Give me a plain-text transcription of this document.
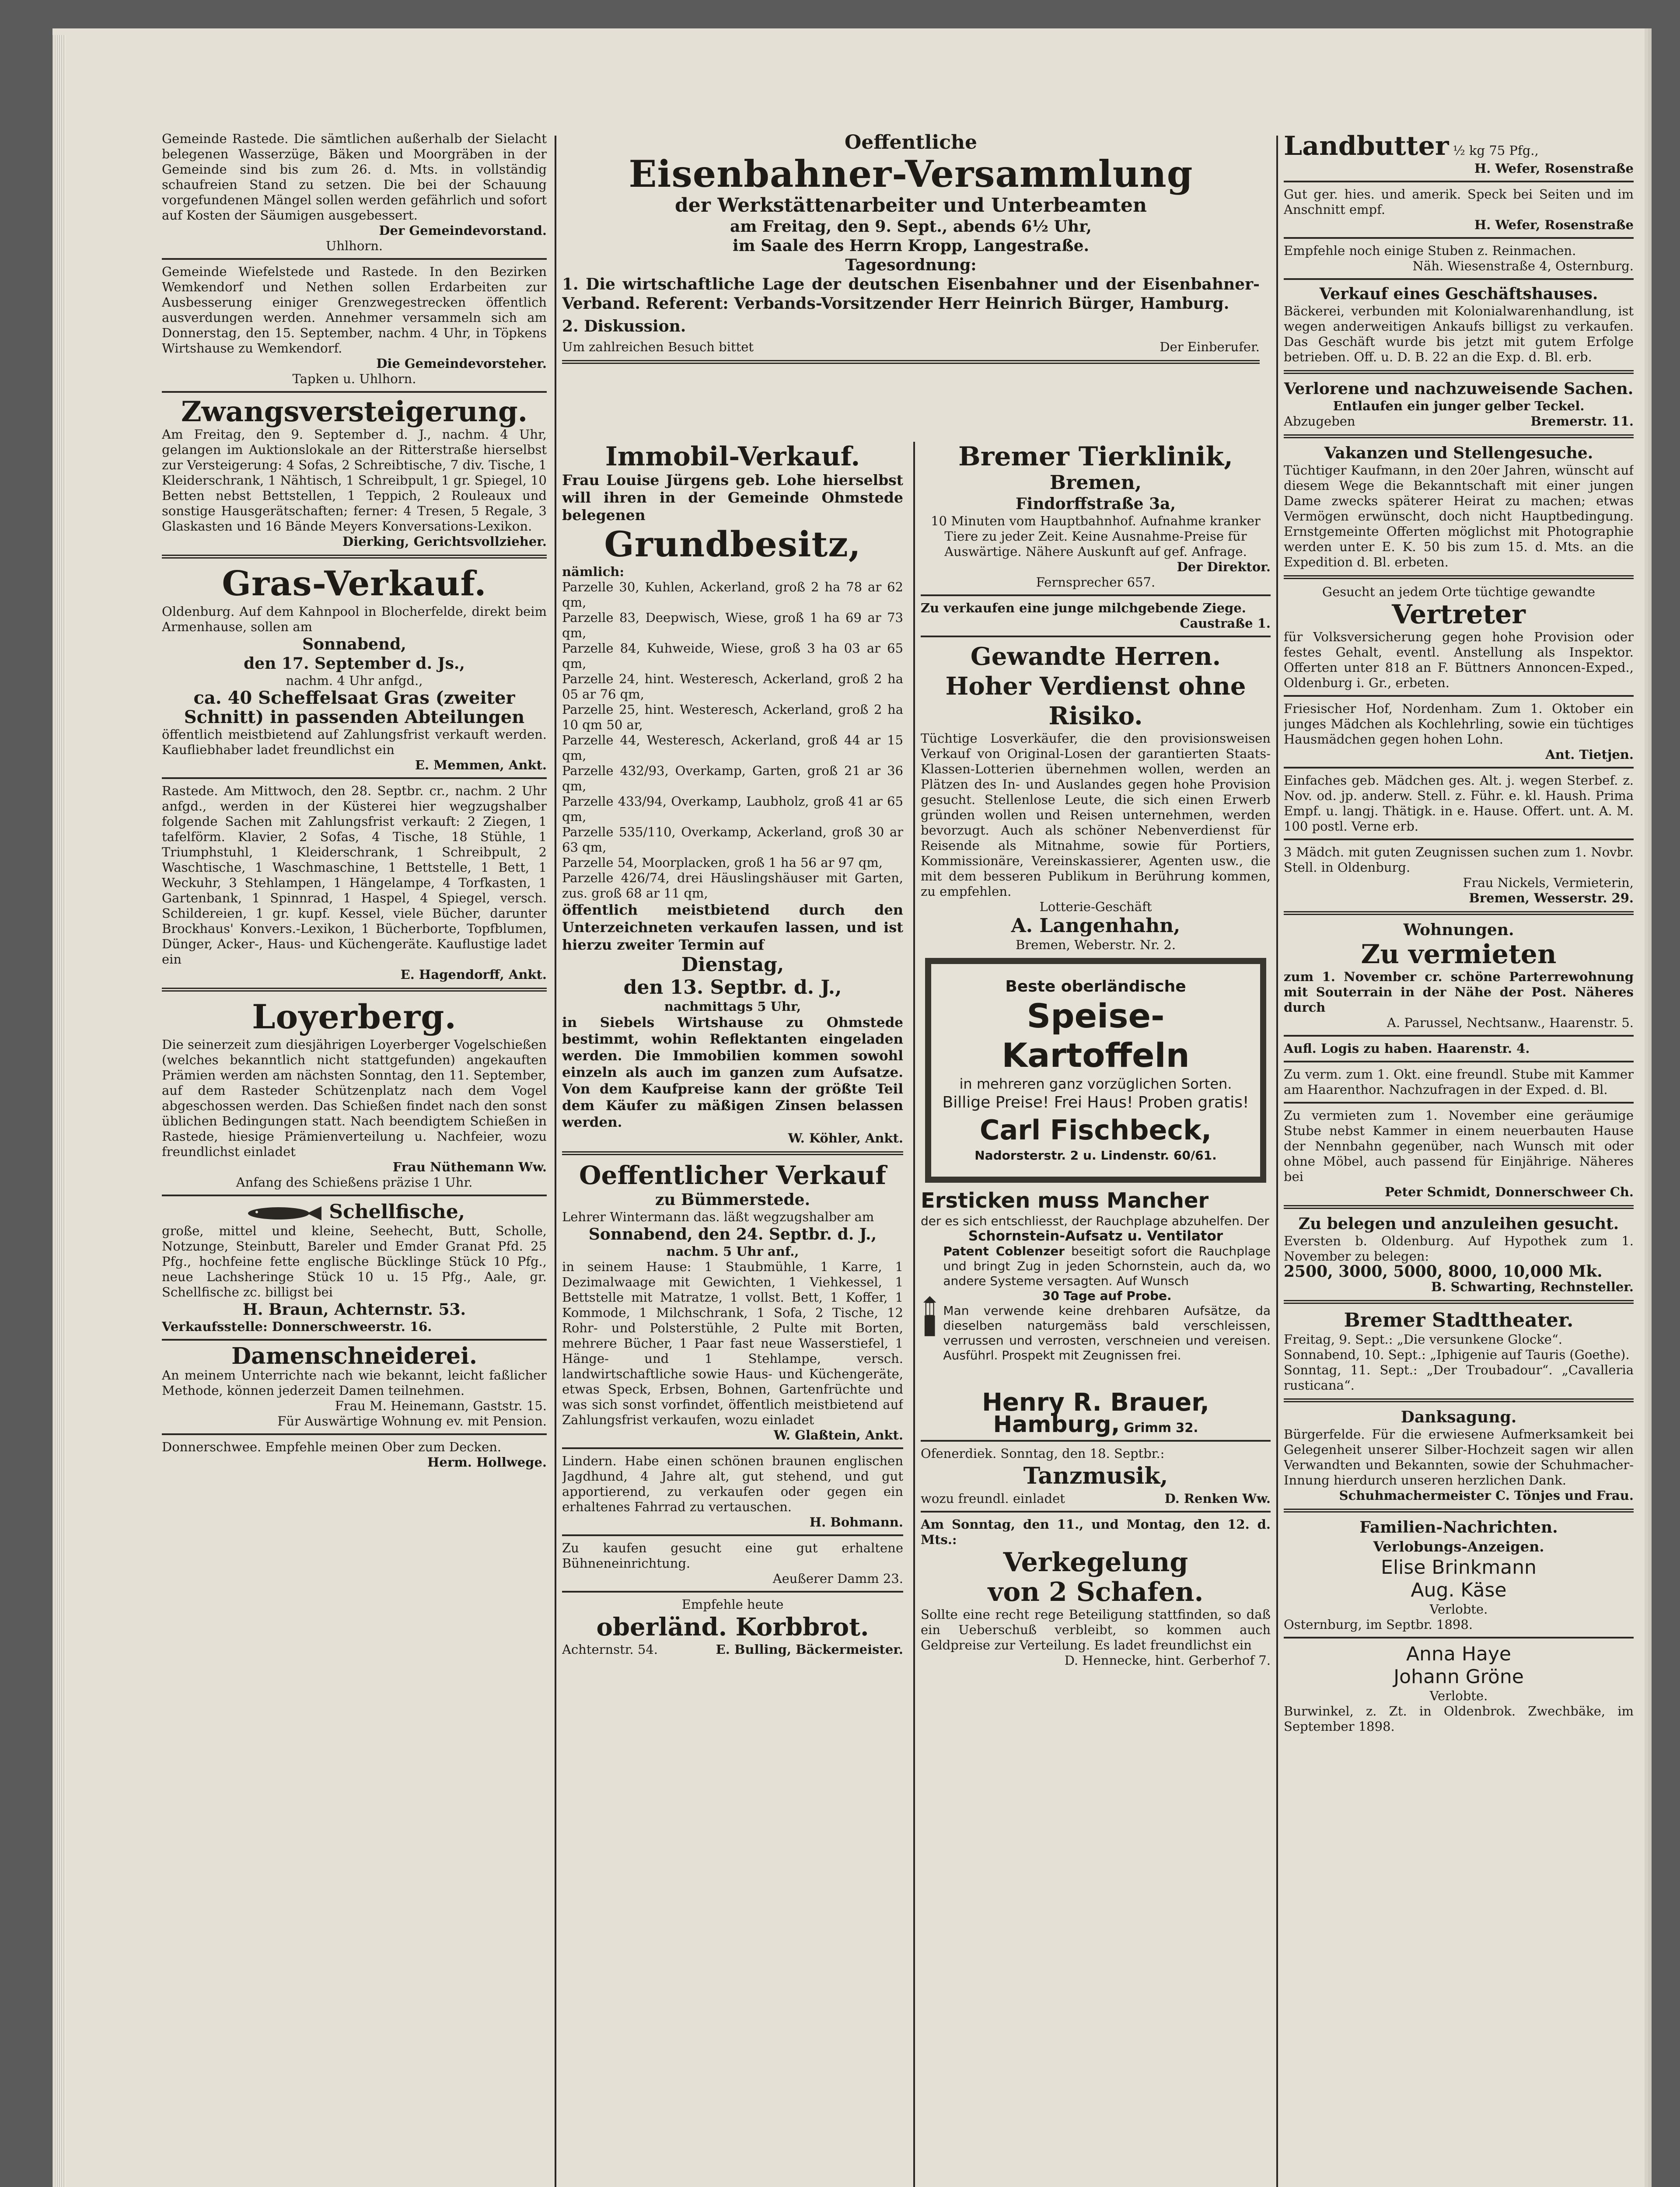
Gemeinde Rastede. Die sämtlichen außerhalb der Sielacht belegenen Wasserzüge, Bäken und Moorgräben in der Gemeinde sind bis zum 26. d. Mts. in vollständig schaufreien Stand zu setzen. Die bei der Schauung vorgefundenen Mängel sollen werden gefährlich und sofort auf Kosten der Säumigen ausgebessert.
Der Gemeindevorstand.
Uhlhorn.
Gemeinde Wiefelstede und Rastede. In den Bezirken Wemkendorf und Nethen sollen Erdarbeiten zur Ausbesserung einiger Grenzwegestrecken öffentlich ausverdungen werden. Annehmer versammeln sich am Donnerstag, den 15. September, nachm. 4 Uhr, in Töpkens Wirtshause zu Wemkendorf.
Die Gemeindevorsteher.
Tapken u. Uhlhorn.
Zwangsversteigerung.
Am Freitag, den 9. September d. J., nachm. 4 Uhr, gelangen im Auktionslokale an der Ritterstraße hierselbst zur Versteigerung: 4 Sofas, 2 Schreibtische, 7 div. Tische, 1 Kleiderschrank, 1 Nähtisch, 1 Schreibpult, 1 gr. Spiegel, 10 Betten nebst Bettstellen, 1 Teppich, 2 Rouleaux und sonstige Hausgerätschaften; ferner: 4 Tresen, 5 Regale, 3 Glaskasten und 16 Bände Meyers Konversations-Lexikon.
Dierking, Gerichtsvollzieher.
Gras-Verkauf.
Oldenburg. Auf dem Kahnpool in Blocherfelde, direkt beim Armenhause, sollen am
Sonnabend,
den 17. September d. Js.,
nachm. 4 Uhr anfgd.,
ca. 40 Scheffelsaat Gras (zweiter Schnitt) in passenden Abteilungen
öffentlich meistbietend auf Zahlungsfrist verkauft werden. Kaufliebhaber ladet freundlichst ein
E. Memmen, Ankt.
Rastede. Am Mittwoch, den 28. Septbr. cr., nachm. 2 Uhr anfgd., werden in der Küsterei hier wegzugshalber folgende Sachen mit Zahlungsfrist verkauft: 2 Ziegen, 1 tafelförm. Klavier, 2 Sofas, 4 Tische, 18 Stühle, 1 Triumphstuhl, 1 Kleiderschrank, 1 Schreibpult, 2 Waschtische, 1 Waschmaschine, 1 Bettstelle, 1 Bett, 1 Weckuhr, 3 Stehlampen, 1 Hängelampe, 4 Torfkasten, 1 Gartenbank, 1 Spinnrad, 1 Haspel, 4 Spiegel, versch. Schildereien, 1 gr. kupf. Kessel, viele Bücher, darunter Brockhaus' Konvers.-Lexikon, 1 Bücherborte, Topfblumen, Dünger, Acker-, Haus- und Küchengeräte. Kauflustige ladet ein
E. Hagendorff, Ankt.
Loyerberg.
Die seinerzeit zum diesjährigen Loyerberger Vogelschießen (welches bekanntlich nicht stattgefunden) angekauften Prämien werden am nächsten Sonntag, den 11. September, auf dem Rasteder Schützenplatz nach dem Vogel abgeschossen werden. Das Schießen findet nach den sonst üblichen Bedingungen statt. Nach beendigtem Schießen in Rastede, hiesige Prämienverteilung u. Nachfeier, wozu freundlichst einladet
Frau Nüthemann Ww.
Anfang des Schießens präzise 1 Uhr.
Schellfische,
große, mittel und kleine, Seehecht, Butt, Scholle, Notzunge, Steinbutt, Bareler und Emder Granat Pfd. 25 Pfg., hochfeine fette englische Bücklinge Stück 10 Pfg., neue Lachsheringe Stück 10 u. 15 Pfg., Aale, gr. Schellfische zc. billigst bei
H. Braun, Achternstr. 53.
Verkaufsstelle: Donnerschweerstr. 16.
Damenschneiderei.
An meinem Unterrichte nach wie bekannt, leicht faßlicher Methode, können jederzeit Damen teilnehmen.
Frau M. Heinemann, Gaststr. 15.
Für Auswärtige Wohnung ev. mit Pension.
Donnerschwee. Empfehle meinen Ober zum Decken.
Herm. Hollwege.
Oeffentliche
Eisenbahner-Versammlung
der Werkstättenarbeiter und Unterbeamten
am Freitag, den 9. Sept., abends 6½ Uhr,
im Saale des Herrn Kropp, Langestraße.
Tagesordnung:
1. Die wirtschaftliche Lage der deutschen Eisenbahner und der Eisenbahner-Verband. Referent: Verbands-Vorsitzender Herr Heinrich Bürger, Hamburg.
2. Diskussion.
Um zahlreichen Besuch bittet	Der Einberufer.
Immobil-Verkauf.
Frau Louise Jürgens geb. Lohe hierselbst will ihren in der Gemeinde Ohmstede belegenen
Grundbesitz,
nämlich:
Parzelle 30, Kuhlen, Ackerland, groß 2 ha 78 ar 62 qm,
Parzelle 83, Deepwisch, Wiese, groß 1 ha 69 ar 73 qm,
Parzelle 84, Kuhweide, Wiese, groß 3 ha 03 ar 65 qm,
Parzelle 24, hint. Westeresch, Ackerland, groß 2 ha 05 ar 76 qm,
Parzelle 25, hint. Westeresch, Ackerland, groß 2 ha 10 qm 50 ar,
Parzelle 44, Westeresch, Ackerland, groß 44 ar 15 qm,
Parzelle 432/93, Overkamp, Garten, groß 21 ar 36 qm,
Parzelle 433/94, Overkamp, Laubholz, groß 41 ar 65 qm,
Parzelle 535/110, Overkamp, Ackerland, groß 30 ar 63 qm,
Parzelle 54, Moorplacken, groß 1 ha 56 ar 97 qm,
Parzelle 426/74, drei Häuslingshäuser mit Garten, zus. groß 68 ar 11 qm,
öffentlich meistbietend durch den Unterzeichneten verkaufen lassen, und ist hierzu zweiter Termin auf
Dienstag,
den 13. Septbr. d. J.,
nachmittags 5 Uhr,
in Siebels Wirtshause zu Ohmstede bestimmt, wohin Reflektanten eingeladen werden. Die Immobilien kommen sowohl einzeln als auch im ganzen zum Aufsatze. Von dem Kaufpreise kann der größte Teil dem Käufer zu mäßigen Zinsen belassen werden.
W. Köhler, Ankt.
Oeffentlicher Verkauf
zu Bümmerstede.
Lehrer Wintermann das. läßt wegzugshalber am
Sonnabend, den 24. Septbr. d. J.,
nachm. 5 Uhr anf.,
in seinem Hause: 1 Staubmühle, 1 Karre, 1 Dezimalwaage mit Gewichten, 1 Viehkessel, 1 Bettstelle mit Matratze, 1 vollst. Bett, 1 Koffer, 1 Kommode, 1 Milchschrank, 1 Sofa, 2 Tische, 12 Rohr- und Polsterstühle, 2 Pulte mit Borten, mehrere Bücher, 1 Paar fast neue Wasserstiefel, 1 Hänge- und 1 Stehlampe, versch. landwirtschaftliche sowie Haus- und Küchengeräte, etwas Speck, Erbsen, Bohnen, Gartenfrüchte und was sich sonst vorfindet, öffentlich meistbietend auf Zahlungsfrist verkaufen, wozu einladet
W. Glaßtein, Ankt.
Lindern. Habe einen schönen braunen englischen Jagdhund, 4 Jahre alt, gut stehend, und gut apportierend, zu verkaufen oder gegen ein erhaltenes Fahrrad zu vertauschen.
H. Bohmann.
Zu kaufen gesucht eine gut erhaltene Bühneneinrichtung.
Aeußerer Damm 23.
Empfehle heute
oberländ. Korbbrot.
Achternstr. 54.	E. Bulling, Bäckermeister.
Bremer Tierklinik,
Bremen,
Findorffstraße 3a,
10 Minuten vom Hauptbahnhof. Aufnahme kranker Tiere zu jeder Zeit. Keine Ausnahme-Preise für Auswärtige. Nähere Auskunft auf gef. Anfrage.
Der Direktor.
Fernsprecher 657.
Zu verkaufen eine junge milchgebende Ziege.
Caustraße 1.
Gewandte Herren.
Hoher Verdienst ohne Risiko.
Tüchtige Losverkäufer, die den provisionsweisen Verkauf von Original-Losen der garantierten Staats-Klassen-Lotterien übernehmen wollen, werden an Plätzen des In- und Auslandes gegen hohe Provision gesucht. Stellenlose Leute, die sich einen Erwerb gründen wollen und Reisen unternehmen, werden bevorzugt. Auch als schöner Nebenverdienst für Reisende als Mitnahme, sowie für Portiers, Kommissionäre, Vereinskassierer, Agenten usw., die mit dem besseren Publikum in Berührung kommen, zu empfehlen.
Lotterie-Geschäft
A. Langenhahn,
Bremen, Weberstr. Nr. 2.
Beste oberländische
Speise-
Kartoffeln
in mehreren ganz vorzüglichen Sorten.
Billige Preise! Frei Haus! Proben gratis!
Carl Fischbeck,
Nadorsterstr. 2 u. Lindenstr. 60/61.
Ersticken muss Mancher
der es sich entschliesst, der Rauchplage abzuhelfen. Der
Schornstein-Aufsatz u. Ventilator
Patent Coblenzer beseitigt sofort die Rauchplage und bringt Zug in jeden Schornstein, auch da, wo andere Systeme versagten. Auf Wunsch
30 Tage auf Probe.
Man verwende keine drehbaren Aufsätze, da dieselben naturgemäss bald verschleissen, verrussen und verrosten, verschneien und vereisen. Ausführl. Prospekt mit Zeugnissen frei.
Henry R. Brauer,
Hamburg, Grimm 32.
Ofenerdiek. Sonntag, den 18. Septbr.:
Tanzmusik,
wozu freundl. einladet	D. Renken Ww.
Am Sonntag, den 11., und Montag, den 12. d. Mts.:
Verkegelung
von 2 Schafen.
Sollte eine recht rege Beteiligung stattfinden, so daß ein Ueberschuß verbleibt, so kommen auch Geldpreise zur Verteilung. Es ladet freundlichst ein
D. Hennecke, hint. Gerberhof 7.
Landbutter ½ kg 75 Pfg.,
H. Wefer, Rosenstraße
Gut ger. hies. und amerik. Speck bei Seiten und im Anschnitt empf.
H. Wefer, Rosenstraße
Empfehle noch einige Stuben z. Reinmachen.
Näh. Wiesenstraße 4, Osternburg.
Verkauf eines Geschäftshauses.
Bäckerei, verbunden mit Kolonialwarenhandlung, ist wegen anderweitigen Ankaufs billigst zu verkaufen. Das Geschäft wurde bis jetzt mit gutem Erfolge betrieben. Off. u. D. B. 22 an die Exp. d. Bl. erb.
Verlorene und nachzuweisende Sachen.
Entlaufen ein junger gelber Teckel.
Abzugeben	Bremerstr. 11.
Vakanzen und Stellengesuche.
Tüchtiger Kaufmann, in den 20er Jahren, wünscht auf diesem Wege die Bekanntschaft mit einer jungen Dame zwecks späterer Heirat zu machen; etwas Vermögen erwünscht, doch nicht Hauptbedingung. Ernstgemeinte Offerten möglichst mit Photographie werden unter E. K. 50 bis zum 15. d. Mts. an die Expedition d. Bl. erbeten.
Gesucht an jedem Orte tüchtige gewandte
Vertreter
für Volksversicherung gegen hohe Provision oder festes Gehalt, eventl. Anstellung als Inspektor. Offerten unter 818 an F. Büttners Annoncen-Exped., Oldenburg i. Gr., erbeten.
Friesischer Hof, Nordenham. Zum 1. Oktober ein junges Mädchen als Kochlehrling, sowie ein tüchtiges Hausmädchen gegen hohen Lohn.
Ant. Tietjen.
Einfaches geb. Mädchen ges. Alt. j. wegen Sterbef. z. Nov. od. jp. anderw. Stell. z. Führ. e. kl. Haush. Prima Empf. u. langj. Thätigk. in e. Hause. Offert. unt. A. M. 100 postl. Verne erb.
3 Mädch. mit guten Zeugnissen suchen zum 1. Novbr. Stell. in Oldenburg.
Frau Nickels, Vermieterin,
Bremen, Wesserstr. 29.
Wohnungen.
Zu vermieten
zum 1. November cr. schöne Parterrewohnung mit Souterrain in der Nähe der Post. Näheres durch
A. Parussel, Nechtsanw., Haarenstr. 5.
Aufl. Logis zu haben. Haarenstr. 4.
Zu verm. zum 1. Okt. eine freundl. Stube mit Kammer am Haarenthor. Nachzufragen in der Exped. d. Bl.
Zu vermieten zum 1. November eine geräumige Stube nebst Kammer in einem neuerbauten Hause der Nennbahn gegenüber, nach Wunsch mit oder ohne Möbel, auch passend für Einjährige. Näheres bei
Peter Schmidt, Donnerschweer Ch.
Zu belegen und anzuleihen gesucht.
Eversten b. Oldenburg. Auf Hypothek zum 1. November zu belegen:
2500, 3000, 5000, 8000, 10,000 Mk.
B. Schwarting, Rechnsteller.
Bremer Stadttheater.
Freitag, 9. Sept.: „Die versunkene Glocke“.
Sonnabend, 10. Sept.: „Iphigenie auf Tauris (Goethe).
Sonntag, 11. Sept.: „Der Troubadour“. „Cavalleria rusticana“.
Danksagung.
Bürgerfelde. Für die erwiesene Aufmerksamkeit bei Gelegenheit unserer Silber-Hochzeit sagen wir allen Verwandten und Bekannten, sowie der Schuhmacher-Innung hierdurch unseren herzlichen Dank.
Schuhmachermeister C. Tönjes und Frau.
Familien-Nachrichten.
Verlobungs-Anzeigen.
Elise Brinkmann
Aug. Käse
Verlobte.
Osternburg, im Septbr. 1898.
Anna Haye
Johann Gröne
Verlobte.
Burwinkel, z. Zt. in Oldenbrok. Zwechbäke, im September 1898.
